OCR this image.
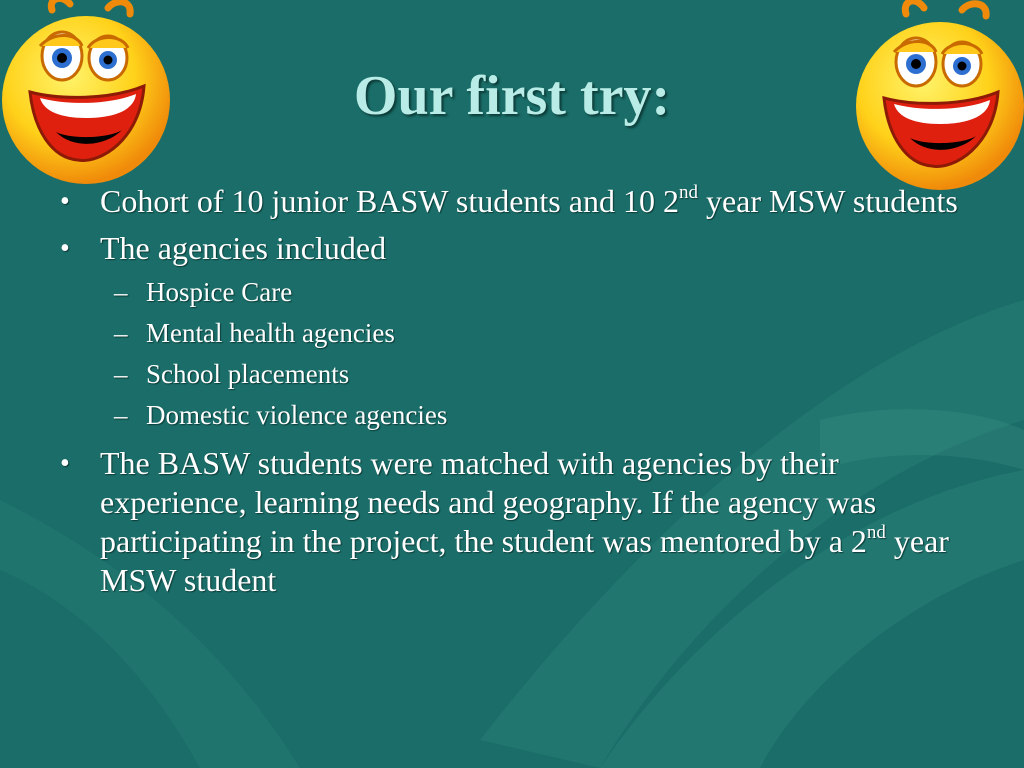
Our first try:
• Cohort of 10 junior BASW students and 10 2nd year MSW students
• The agencies included
– Hospice Care
– Mental health agencies
– School placements
– Domestic violence agencies
• The BASW students were matched with agencies by their experience, learning needs and geography. If the agency was participating in the project, the student was mentored by a 2nd year MSW student
